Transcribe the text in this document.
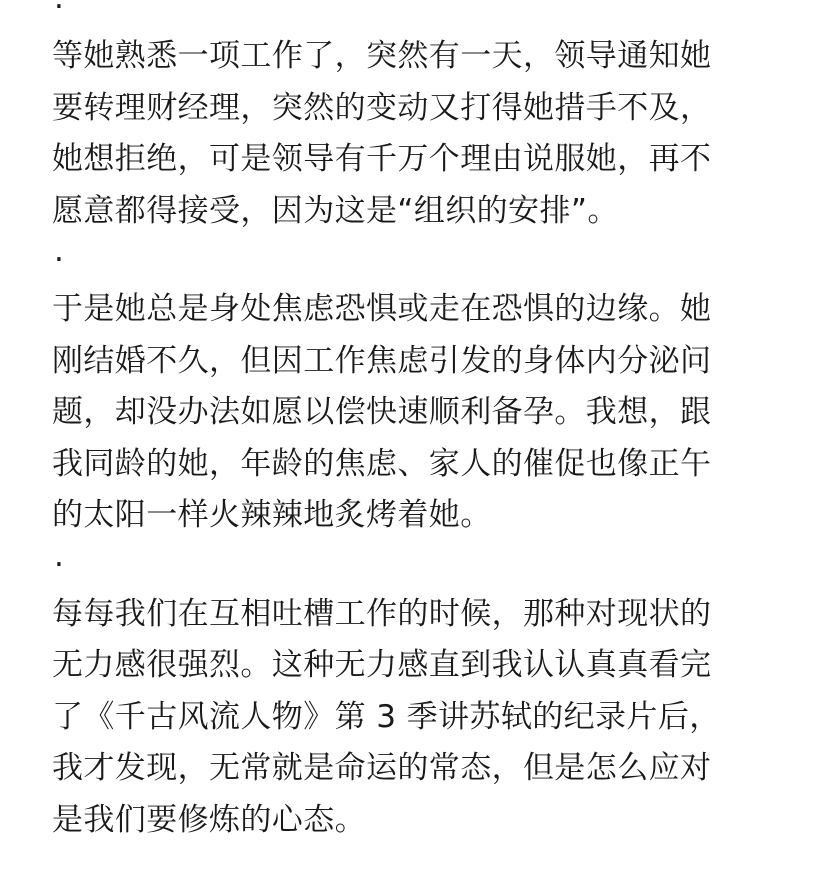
·

等她熟悉一项工作了，突然有一天，领导通知她
要转理财经理，突然的变动又打得她措手不及，
她想拒绝，可是领导有千万个理由说服她，再不
愿意都得接受，因为这是“组织的安排”。

·

于是她总是身处焦虑恐惧或走在恐惧的边缘。她
刚结婚不久，但因工作焦虑引发的身体内分泌问
题，却没办法如愿以偿快速顺利备孕。我想，跟
我同龄的她，年龄的焦虑、家人的催促也像正午
的太阳一样火辣辣地炙烤着她。

·

每每我们在互相吐槽工作的时候，那种对现状的
无力感很强烈。这种无力感直到我认认真真看完
了《千古风流人物》第 3 季讲苏轼的纪录片后，
我才发现，无常就是命运的常态，但是怎么应对
是我们要修炼的心态。
